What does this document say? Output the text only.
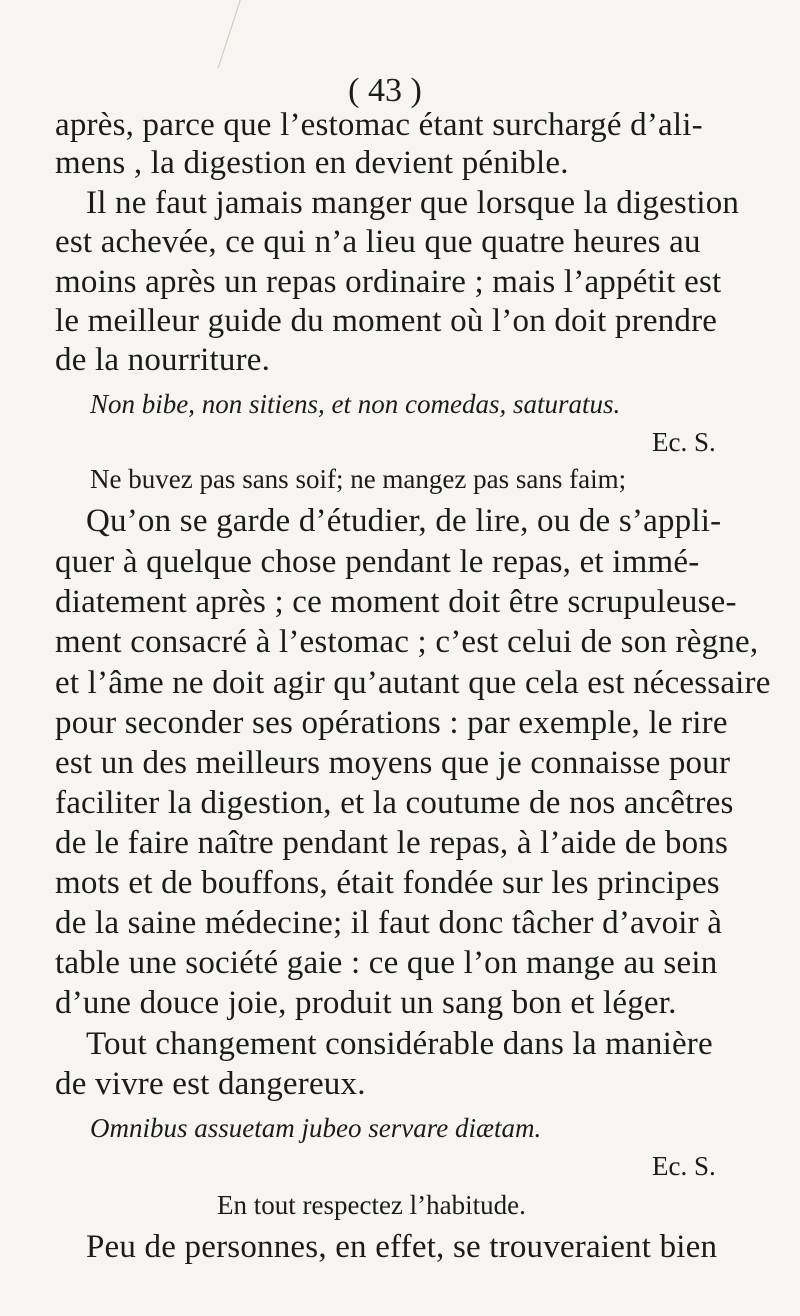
( 43 )
après, parce que l’estomac étant surchargé d’ali-
mens , la digestion en devient pénible.
Il ne faut jamais manger que lorsque la digestion
est achevée, ce qui n’a lieu que quatre heures au
moins après un repas ordinaire ; mais l’appétit est
le meilleur guide du moment où l’on doit prendre
de la nourriture.
Non bibe, non sitiens, et non comedas, saturatus.
Ec. S.
Ne buvez pas sans soif; ne mangez pas sans faim;
Qu’on se garde d’étudier, de lire, ou de s’appli-
quer à quelque chose pendant le repas, et immé-
diatement après ; ce moment doit être scrupuleuse-
ment consacré à l’estomac ; c’est celui de son règne,
et l’âme ne doit agir qu’autant que cela est nécessaire
pour seconder ses opérations : par exemple, le rire
est un des meilleurs moyens que je connaisse pour
faciliter la digestion, et la coutume de nos ancêtres
de le faire naître pendant le repas, à l’aide de bons
mots et de bouffons, était fondée sur les principes
de la saine médecine; il faut donc tâcher d’avoir à
table une société gaie : ce que l’on mange au sein
d’une douce joie, produit un sang bon et léger.
Tout changement considérable dans la manière
de vivre est dangereux.
Omnibus assuetam jubeo servare diætam.
Ec. S.
En tout respectez l’habitude.
Peu de personnes, en effet, se trouveraient bien
